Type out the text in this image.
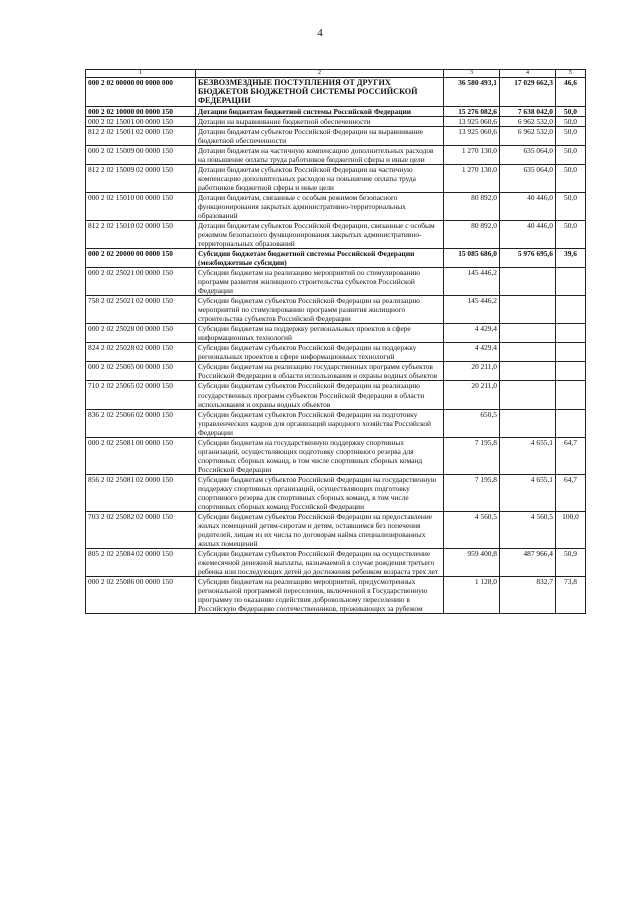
4
1	2	3	4	5
000 2 02 00000 00 0000 000	БЕЗВОЗМЕЗДНЫЕ ПОСТУПЛЕНИЯ ОТ ДРУГИХ БЮДЖЕТОВ БЮДЖЕТНОЙ СИСТЕМЫ РОССИЙСКОЙ ФЕДЕРАЦИИ	36 580 493,1	17 029 662,3	46,6
000 2 02 10000 00 0000 150	Дотации бюджетам бюджетной системы Российской Федерации	15 276 082,6	7 638 042,0	50,0
000 2 02 15001 00 0000 150	Дотации на выравнивание бюджетной обеспеченности	13 925 060,6	6 962 532,0	50,0
812 2 02 15001 02 0000 150	Дотации бюджетам субъектов Российской Федерации на выравнивание бюджетной обеспеченности	13 925 060,6	6 962 532,0	50,0
000 2 02 15009 00 0000 150	Дотации бюджетам на частичную компенсацию дополнительных расходов на повышение оплаты труда работников бюджетной сферы и иные цели	1 270 130,0	635 064,0	50,0
812 2 02 15009 02 0000 150	Дотации бюджетам субъектов Российской Федерации на частичную компенсацию дополнительных расходов на повышение оплаты труда работников бюджетной сферы и иные цели	1 270 130,0	635 064,0	50,0
000 2 02 15010 00 0000 150	Дотации бюджетам, связанные с особым режимом безопасного функционирования закрытых административно-территориальных образований	80 892,0	40 446,0	50,0
812 2 02 15010 02 0000 150	Дотации бюджетам субъектов Российской Федерации, связанные с особым режимом безопасного функционирования закрытых административно-территориальных образований	80 892,0	40 446,0	50,0
000 2 02 20000 00 0000 150	Субсидии бюджетам бюджетной системы Российской Федерации (межбюджетные субсидии)	15 085 686,0	5 976 695,6	39,6
000 2 02 25021 00 0000 150	Субсидии бюджетам на реализацию мероприятий по стимулированию программ развития жилищного строительства субъектов Российской Федерации	145 446,2		
758 2 02 25021 02 0000 150	Субсидии бюджетам субъектов Российской Федерации на реализацию мероприятий по стимулированию программ развития жилищного строительства субъектов Российской Федерации	145 446,2		
000 2 02 25028 00 0000 150	Субсидии бюджетам на поддержку региональных проектов в сфере информационных технологий	4 429,4		
824 2 02 25028 02 0000 150	Субсидии бюджетам субъектов Российской Федерации на поддержку региональных проектов в сфере информационных технологий	4 429,4		
000 2 02 25065 00 0000 150	Субсидии бюджетам на реализацию государственных программ субъектов Российской Федерации в области использования и охраны водных объектов	20 211,0		
710 2 02 25065 02 0000 150	Субсидии бюджетам субъектов Российской Федерации на реализацию государственных программ субъектов Российской Федерации в области использования и охраны водных объектов	20 211,0		
836 2 02 25066 02 0000 150	Субсидии бюджетам субъектов Российской Федерации на подготовку управленческих кадров для организаций народного хозяйства Российской Федерации	650,5		
000 2 02 25081 00 0000 150	Субсидии бюджетам на государственную поддержку спортивных организаций, осуществляющих подготовку спортивного резерва для спортивных сборных команд, в том числе спортивных сборных команд Российской Федерации	7 195,8	4 655,1	64,7
856 2 02 25081 02 0000 150	Субсидии бюджетам субъектов Российской Федерации на государственную поддержку спортивных организаций, осуществляющих подготовку спортивного резерва для спортивных сборных команд, в том числе спортивных сборных команд Российской Федерации	7 195,8	4 655,1	64,7
703 2 02 25082 02 0000 150	Субсидии бюджетам субъектов Российской Федерации на предоставление жилых помещений детям-сиротам и детям, оставшимся без попечения родителей, лицам из их числа по договорам найма специализированных жилых помещений	4 560,5	4 560,5	100,0
805 2 02 25084 02 0000 150	Субсидии бюджетам субъектов Российской Федерации на осуществление ежемесячной денежной выплаты, назначаемой в случае рождения третьего ребенка или последующих детей до достижения ребенком возраста трех лет	959 400,8	487 966,4	50,9
000 2 02 25086 00 0000 150	Субсидии бюджетам на реализацию мероприятий, предусмотренных региональной программой переселения, включенной в Государственную программу по оказанию содействия добровольному переселению в Российскую Федерацию соотечественников, проживающих за рубежом	1 128,0	832,7	73,8
